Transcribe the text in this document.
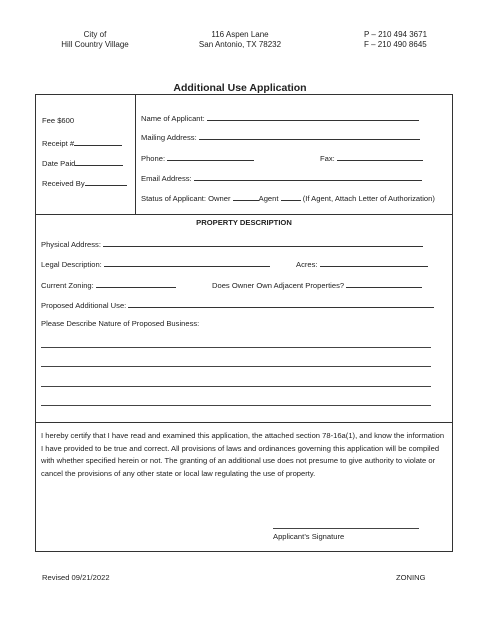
City of
Hill Country Village
116 Aspen Lane
San Antonio, TX 78232
P – 210 494 3671
F – 210 490 8645
Additional Use Application
Fee $600
Receipt #
Date Paid
Received By
Name of Applicant:
Mailing Address:
Phone:	Fax:
Email Address:
Status of Applicant: Owner	Agent	(If Agent, Attach Letter of Authorization)
PROPERTY DESCRIPTION
Physical Address:
Legal Description:	Acres:
Current Zoning:	Does Owner Own Adjacent Properties?
Proposed Additional Use:
Please Describe Nature of Proposed Business:
I hereby certify that I have read and examined this application, the attached section 78-16a(1), and know the information I have provided to be true and correct. All provisions of laws and ordinances governing this application will be compiled with whether specified herein or not. The granting of an additional use does not presume to give authority to violate or cancel the provisions of any other state or local law regulating the use of property.
Applicant’s Signature
Revised 09/21/2022	ZONING
